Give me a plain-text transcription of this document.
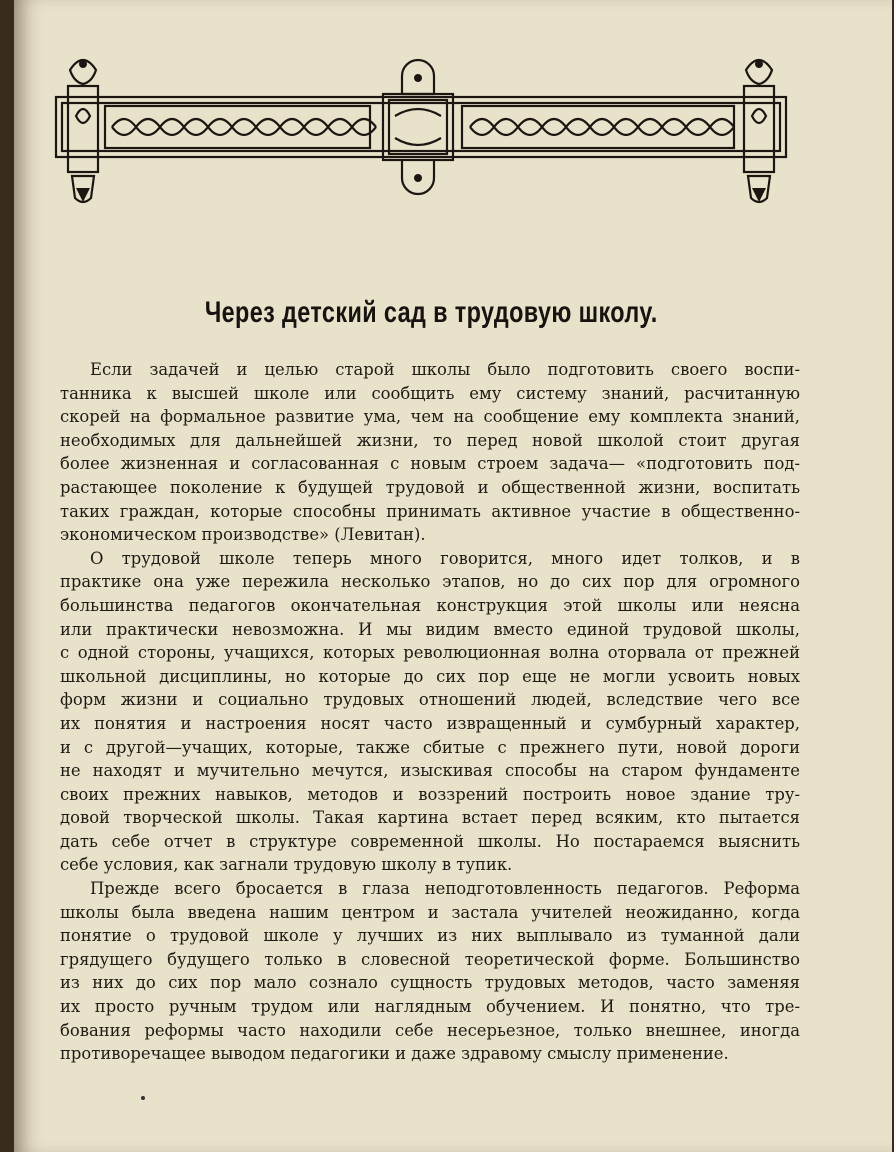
Через детский сад в трудовую школу.

Если задачей и целью старой школы было подготовить своего воспи-
танника к высшей школе или сообщить ему систему знаний, расчитанную
скорей на формальное развитие ума, чем на сообщение ему комплекта знаний,
необходимых для дальнейшей жизни, то перед новой школой стоит другая
более жизненная и согласованная с новым строем задача— «подготовить под-
растающее поколение к будущей трудовой и общественной жизни, воспитать
таких граждан, которые способны принимать активное участие в общественно-
экономическом производстве» (Левитан).

О трудовой школе теперь много говорится, много идет толков, и в
практике она уже пережила несколько этапов, но до сих пор для огромного
большинства педагогов окончательная конструкция этой школы или неясна
или практически невозможна. И мы видим вместо единой трудовой школы,
с одной стороны, учащихся, которых революционная волна оторвала от прежней
школьной дисциплины, но которые до сих пор еще не могли усвоить новых
форм жизни и социально трудовых отношений людей, вследствие чего все
их понятия и настроения носят часто извращенный и сумбурный характер,
и с другой—учащих, которые, также сбитые с прежнего пути, новой дороги
не находят и мучительно мечутся, изыскивая способы на старом фундаменте
своих прежних навыков, методов и воззрений построить новое здание тру-
довой творческой школы. Такая картина встает перед всяким, кто пытается
дать себе отчет в структуре современной школы. Но постараемся выяснить
себе условия, как загнали трудовую школу в тупик.

Прежде всего бросается в глаза неподготовленность педагогов. Реформа
школы была введена нашим центром и застала учителей неожиданно, когда
понятие о трудовой школе у лучших из них выплывало из туманной дали
грядущего будущего только в словесной теоретической форме. Большинство
из них до сих пор мало сознало сущность трудовых методов, часто заменяя
их просто ручным трудом или наглядным обучением. И понятно, что тре-
бования реформы часто находили себе несерьезное, только внешнее, иногда
противоречащее выводом педагогики и даже здравому смыслу применение.
